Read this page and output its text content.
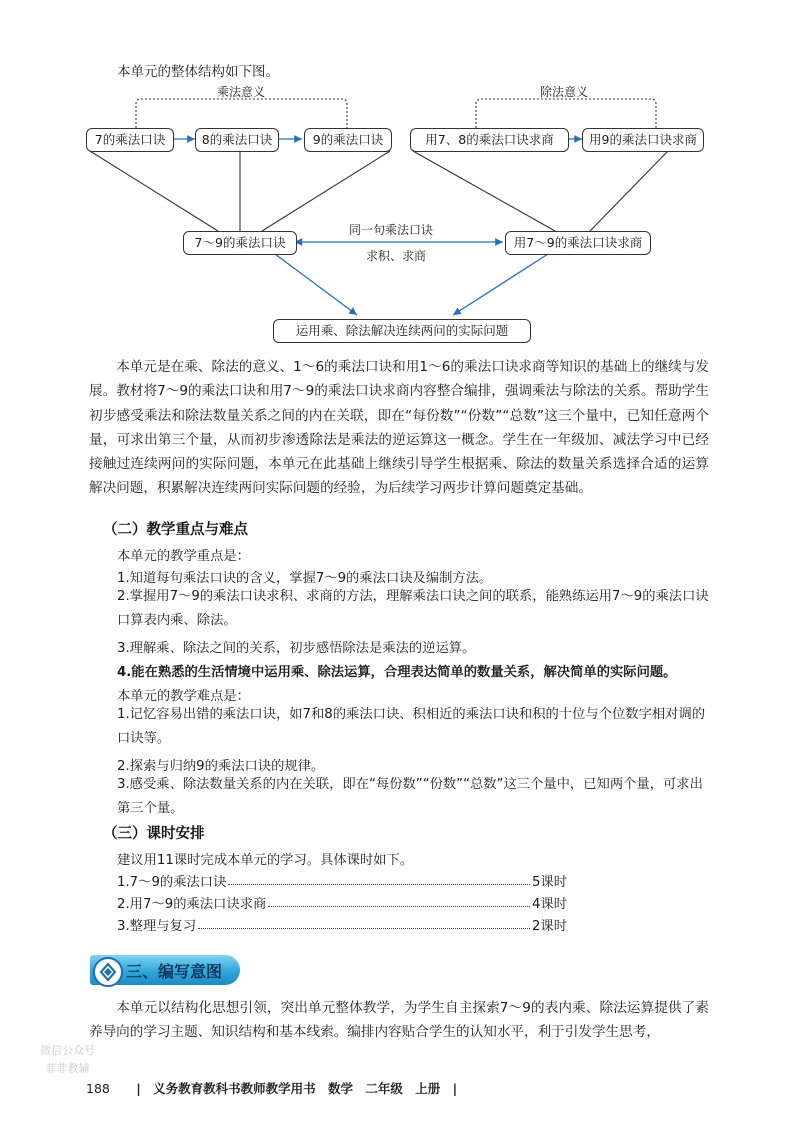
本单元的整体结构如下图。
乘法意义	除法意义
7的乘法口诀	8的乘法口诀	9的乘法口诀	用7、8的乘法口诀求商	用9的乘法口诀求商
7～9的乘法口诀	用7～9的乘法口诀求商
同一句乘法口诀
求积、求商
运用乘、除法解决连续两问的实际问题
本单元是在乘、除法的意义、1～6的乘法口诀和用1～6的乘法口诀求商等知识的基础上的继续与发展。教材将7～9的乘法口诀和用7～9的乘法口诀求商内容整合编排，强调乘法与除法的关系。帮助学生初步感受乘法和除法数量关系之间的内在关联，即在“每份数”“份数”“总数”这三个量中，已知任意两个量，可求出第三个量，从而初步渗透除法是乘法的逆运算这一概念。学生在一年级加、减法学习中已经接触过连续两问的实际问题，本单元在此基础上继续引导学生根据乘、除法的数量关系选择合适的运算解决问题，积累解决连续两问实际问题的经验，为后续学习两步计算问题奠定基础。
（二）教学重点与难点
本单元的教学重点是：
1.知道每句乘法口诀的含义，掌握7～9的乘法口诀及编制方法。
2.掌握用7～9的乘法口诀求积、求商的方法，理解乘法口诀之间的联系，能熟练运用7～9的乘法口诀口算表内乘、除法。
3.理解乘、除法之间的关系，初步感悟除法是乘法的逆运算。
4.能在熟悉的生活情境中运用乘、除法运算，合理表达简单的数量关系，解决简单的实际问题。
本单元的教学难点是：
1.记忆容易出错的乘法口诀，如7和8的乘法口诀、积相近的乘法口诀和积的十位与个位数字相对调的口诀等。
2.探索与归纳9的乘法口诀的规律。
3.感受乘、除法数量关系的内在关联，即在“每份数”“份数”“总数”这三个量中，已知两个量，可求出第三个量。
（三）课时安排
建议用11课时完成本单元的学习。具体课时如下。
1.7～9的乘法口诀	5课时
2.用7～9的乘法口诀求商	4课时
3.整理与复习	2课时
三、编写意图
本单元以结构化思想引领，突出单元整体教学，为学生自主探索7～9的表内乘、除法运算提供了素养导向的学习主题、知识结构和基本线索。编排内容贴合学生的认知水平，利于引发学生思考，
微信公众号
菲菲教辅
188 | 义务教育教科书教师教学用书 数学 二年级 上册 |
